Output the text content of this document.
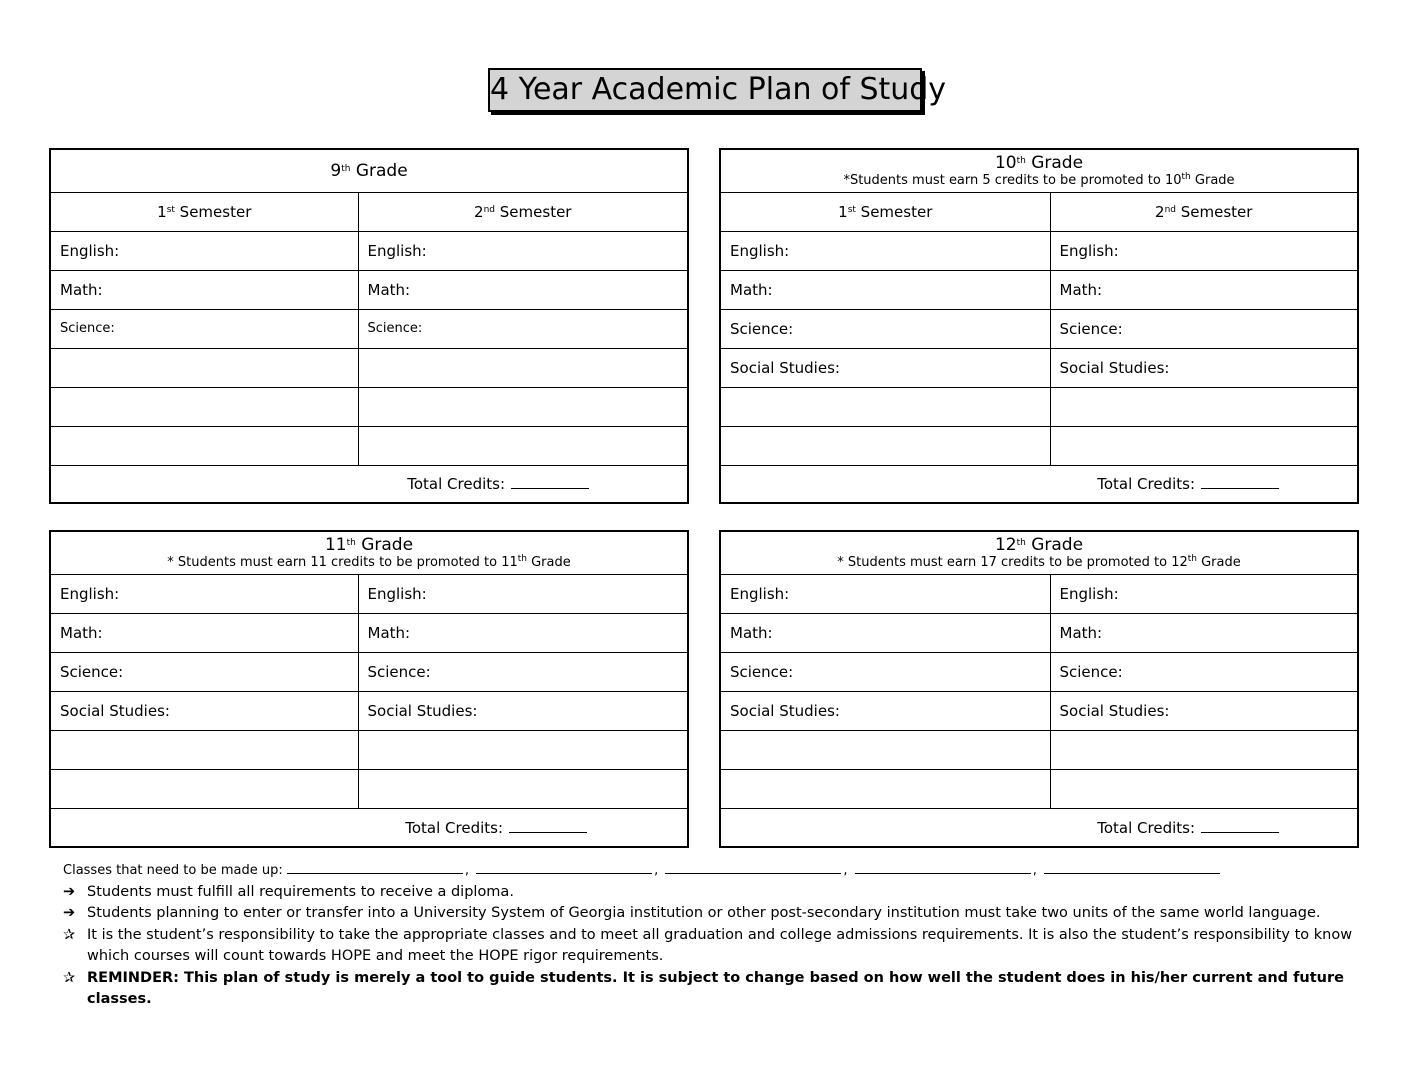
4 Year Academic Plan of Study
9th Grade	

1st Semester	2nd Semester
English:	English:
Math:	Math:
Science:	Science:

Total Credits:	
10th Grade
*Students must earn 5 credits to be promoted to 10th Grade	

1st Semester	2nd Semester
English:	English:
Math:	Math:
Science:	Science:
Social Studies:	Social Studies:

Total Credits:	
11th Grade
* Students must earn 11 credits to be promoted to 11th Grade	

English:	English:
Math:	Math:
Science:	Science:
Social Studies:	Social Studies:

Total Credits:	
12th Grade
* Students must earn 17 credits to be promoted to 12th Grade	

English:	English:
Math:	Math:
Science:	Science:
Social Studies:	Social Studies:

Total Credits:	
Classes that need to be made up:	,	,	,	,
➔ Students must fulfill all requirements to receive a diploma.
➔ Students planning to enter or transfer into a University System of Georgia institution or other post-secondary institution must take two units of the same world language.
✰ It is the student’s responsibility to take the appropriate classes and to meet all graduation and college admissions requirements. It is also the student’s responsibility to know which courses will count towards HOPE and meet the HOPE rigor requirements.
✰ REMINDER: This plan of study is merely a tool to guide students. It is subject to change based on how well the student does in his/her current and future classes.
